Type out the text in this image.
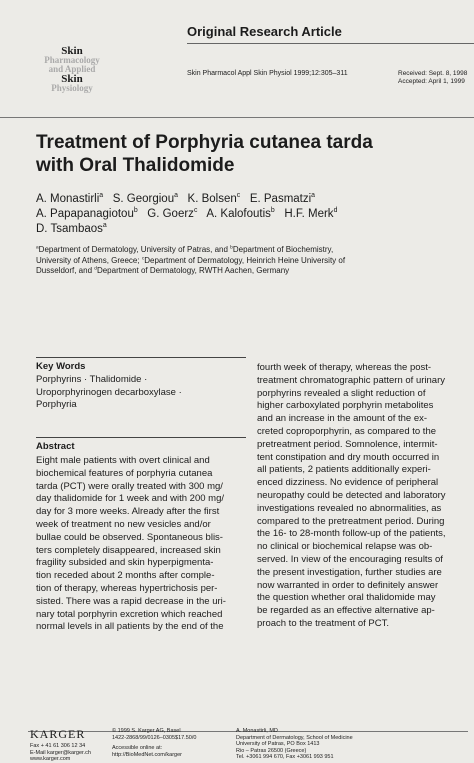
Original Research Article
Skin
Pharmacology
and Applied
Skin
Physiology
Skin Pharmacol Appl Skin Physiol 1999;12:305–311	Received: Sept. 8, 1998
Accepted: April 1, 1999
Treatment of Porphyria cutanea tarda
with Oral Thalidomide
A. Monastirli$^a$ S. Georgiou$^a$ K. Bolsen$^c$ E. Pasmatzi$^a$
A. Papapanagiotou$^b$ G. Goerz$^c$ A. Kalofoutis$^b$ H.F. Merk$^d$
D. Tsambaos$^a$
$^a$Department of Dermatology, University of Patras, and $^b$Department of Biochemistry,
University of Athens, Greece; $^c$Department of Dermatology, Heinrich Heine University of
Dusseldorf, and $^d$Department of Dermatology, RWTH Aachen, Germany
Key Words
Porphyrins · Thalidomide ·
Uroporphyrinogen decarboxylase ·
Porphyria
Abstract
Eight male patients with overt clinical and
biochemical features of porphyria cutanea
tarda (PCT) were orally treated with 300 mg/
day thalidomide for 1 week and with 200 mg/
day for 3 more weeks. Already after the first
week of treatment no new vesicles and/or
bullae could be observed. Spontaneous blis-
ters completely disappeared, increased skin
fragility subsided and skin hyperpigmenta-
tion receded about 2 months after comple-
tion of therapy, whereas hypertrichosis per-
sisted. There was a rapid decrease in the uri-
nary total porphyrin excretion which reached
normal levels in all patients by the end of the
fourth week of therapy, whereas the post-
treatment chromatographic pattern of urinary
porphyrins revealed a slight reduction of
higher carboxylated porphyrin metabolites
and an increase in the amount of the ex-
creted coproporphyrin, as compared to the
pretreatment period. Somnolence, intermit-
tent constipation and dry mouth occurred in
all patients, 2 patients additionally experi-
enced dizziness. No evidence of peripheral
neuropathy could be detected and laboratory
investigations revealed no abnormalities, as
compared to the pretreatment period. During
the 16- to 28-month follow-up of the patients,
no clinical or biochemical relapse was ob-
served. In view of the encouraging results of
the present investigation, further studies are
now warranted in order to definitely answer
the question whether oral thalidomide may
be regarded as an effective alternative ap-
proach to the treatment of PCT.
KARGER
Fax + 41 61 306 12 34
E-Mail karger@karger.ch
www.karger.com
© 1999 S. Karger AG, Basel
1422-2868/99/0126–0305$17.50/0
Accessible online at:
http://BioMedNet.com/karger
A. Monastirli, MD
Department of Dermatology, School of Medicine
University of Patras, PO Box 1413
Rio – Patras 26500 (Greece)
Tel. +3061 994 670, Fax +3061 993 951
